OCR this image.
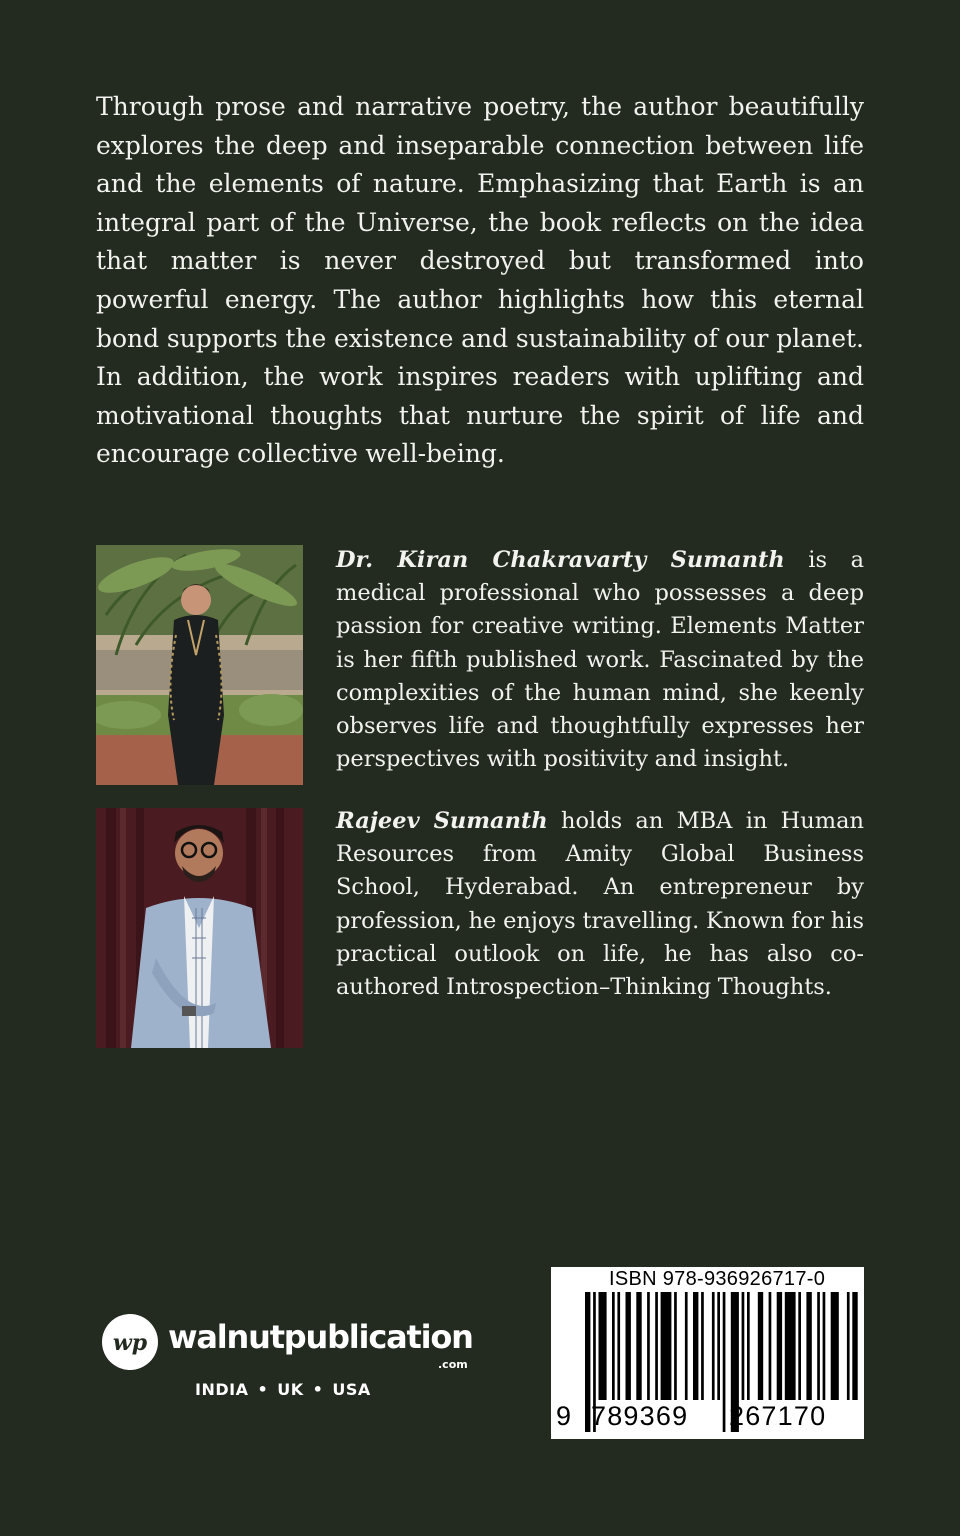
Through prose and narrative poetry, the author beautifully explores the deep and inseparable connection between life and the elements of nature. Emphasizing that Earth is an integral part of the Universe, the book reflects on the idea that matter is never destroyed but transformed into powerful energy. The author highlights how this eternal bond supports the existence and sustainability of our planet. In addition, the work inspires readers with uplifting and motivational thoughts that nurture the spirit of life and encourage collective well-being.

Dr. Kiran Chakravarty Sumanth is a medical professional who possesses a deep passion for creative writing. Elements Matter is her fifth published work. Fascinated by the complexities of the human mind, she keenly observes life and thoughtfully expresses her perspectives with positivity and insight.

Rajeev Sumanth holds an MBA in Human Resources from Amity Global Business School, Hyderabad. An entrepreneur by profession, he enjoys travelling. Known for his practical outlook on life, he has also co-authored Introspection–Thinking Thoughts.

wp walnutpublication
.com
INDIA • UK • USA
ISBN 978-936926717-0
9 789369 267170
